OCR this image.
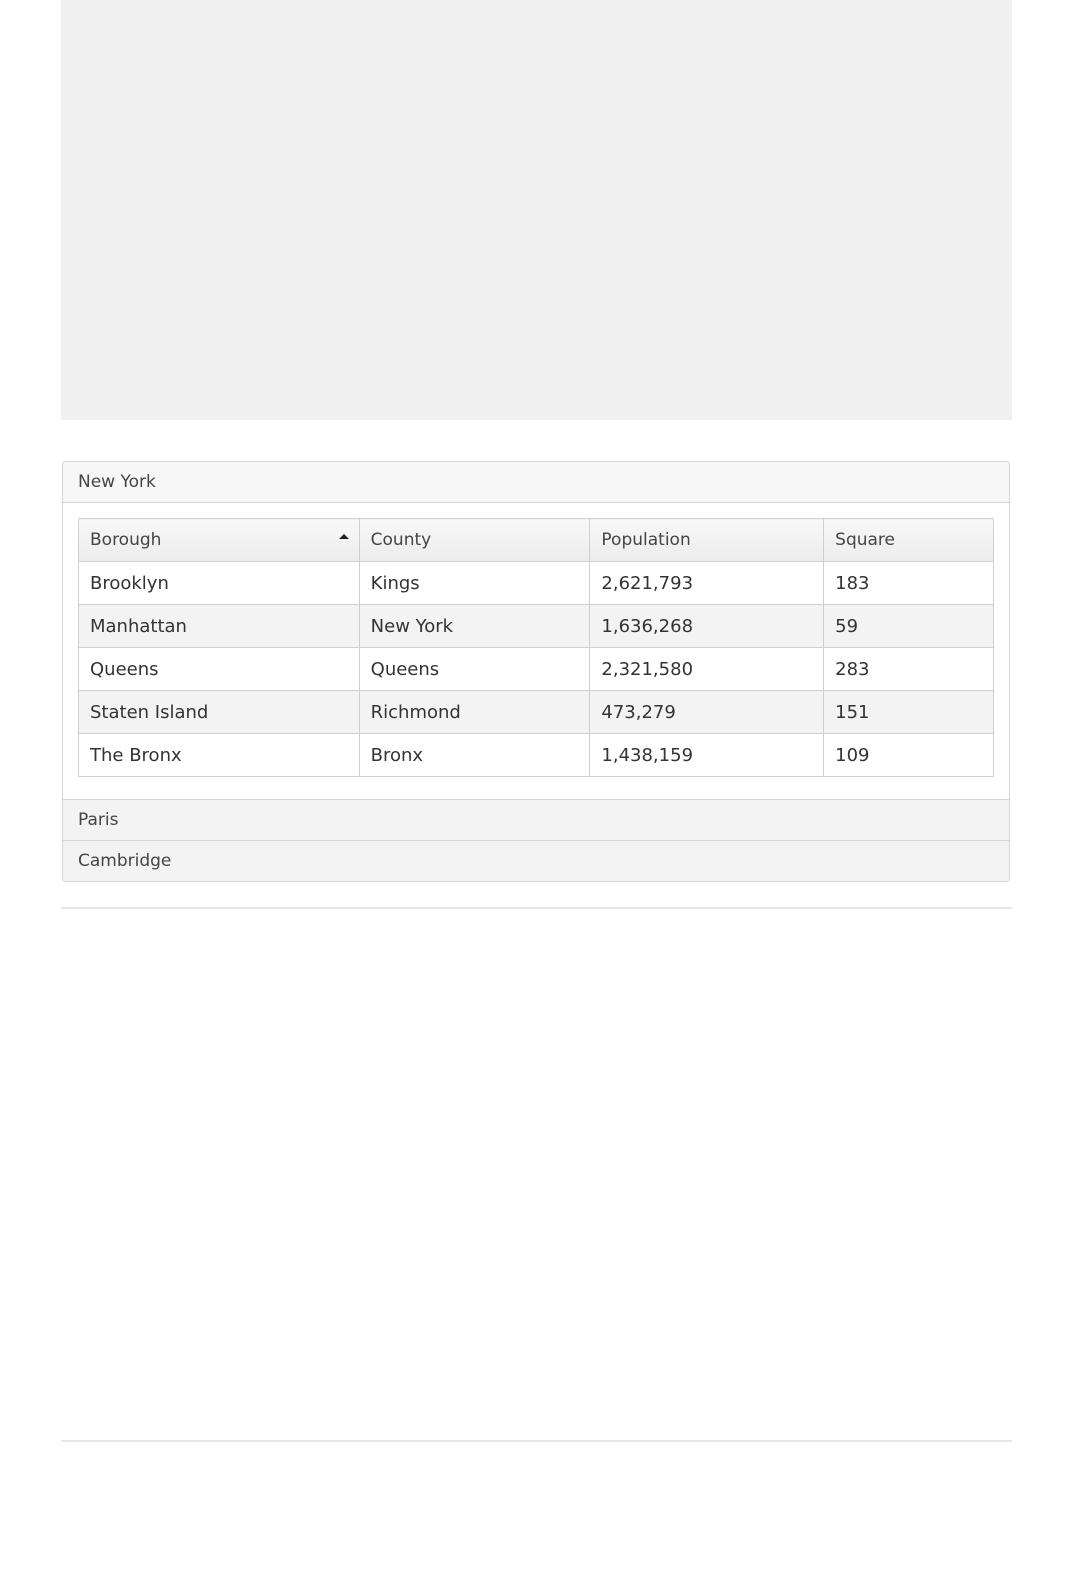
New York
Borough	County	Population	Square
Brooklyn	Kings	2,621,793	183
Manhattan	New York	1,636,268	59
Queens	Queens	2,321,580	283
Staten Island	Richmond	473,279	151
The Bronx	Bronx	1,438,159	109
Paris
Cambridge
